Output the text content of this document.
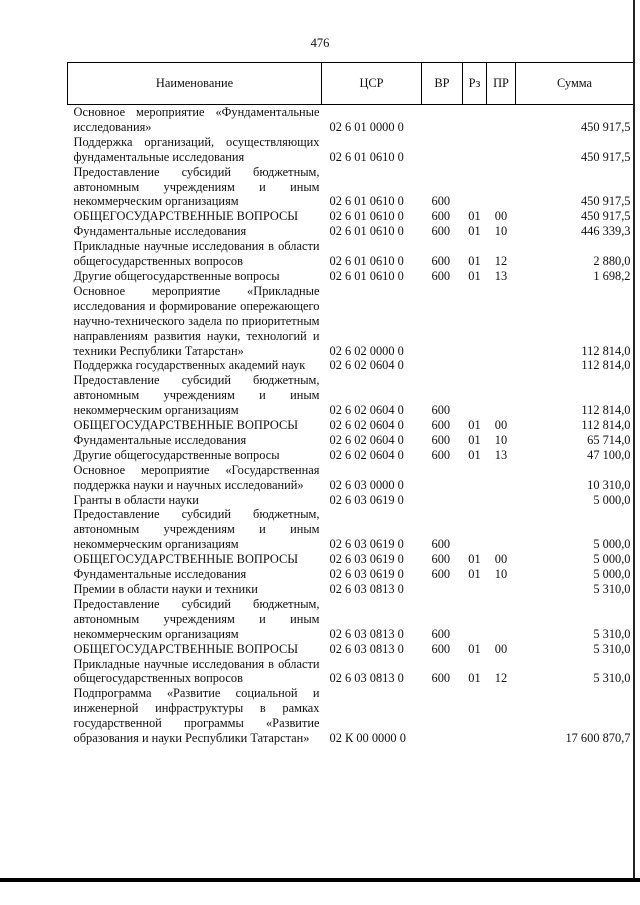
476
Наименование	ЦСР	ВР	Рз	ПР	Сумма
Основное мероприятие «Фундаментальные исследования»	02 6 01 0000 0				450 917,5
Поддержка организаций, осуществляющих фундаментальные исследования	02 6 01 0610 0				450 917,5
Предоставление субсидий бюджетным, автономным учреждениям и иным некоммерческим организациям	02 6 01 0610 0	600			450 917,5
ОБЩЕГОСУДАРСТВЕННЫЕ ВОПРОСЫ	02 6 01 0610 0	600	01	00	450 917,5
Фундаментальные исследования	02 6 01 0610 0	600	01	10	446 339,3
Прикладные научные исследования в области общегосударственных вопросов	02 6 01 0610 0	600	01	12	2 880,0
Другие общегосударственные вопросы	02 6 01 0610 0	600	01	13	1 698,2
Основное мероприятие «Прикладные исследования и формирование опережающего научно-технического задела по приоритетным направлениям развития науки, технологий и техники Республики Татарстан»	02 6 02 0000 0				112 814,0
Поддержка государственных академий наук	02 6 02 0604 0				112 814,0
Предоставление субсидий бюджетным, автономным учреждениям и иным некоммерческим организациям	02 6 02 0604 0	600			112 814,0
ОБЩЕГОСУДАРСТВЕННЫЕ ВОПРОСЫ	02 6 02 0604 0	600	01	00	112 814,0
Фундаментальные исследования	02 6 02 0604 0	600	01	10	65 714,0
Другие общегосударственные вопросы	02 6 02 0604 0	600	01	13	47 100,0
Основное мероприятие «Государственная поддержка науки и научных исследований»	02 6 03 0000 0				10 310,0
Гранты в области науки	02 6 03 0619 0				5 000,0
Предоставление субсидий бюджетным, автономным учреждениям и иным некоммерческим организациям	02 6 03 0619 0	600			5 000,0
ОБЩЕГОСУДАРСТВЕННЫЕ ВОПРОСЫ	02 6 03 0619 0	600	01	00	5 000,0
Фундаментальные исследования	02 6 03 0619 0	600	01	10	5 000,0
Премии в области науки и техники	02 6 03 0813 0				5 310,0
Предоставление субсидий бюджетным, автономным учреждениям и иным некоммерческим организациям	02 6 03 0813 0	600			5 310,0
ОБЩЕГОСУДАРСТВЕННЫЕ ВОПРОСЫ	02 6 03 0813 0	600	01	00	5 310,0
Прикладные научные исследования в области общегосударственных вопросов	02 6 03 0813 0	600	01	12	5 310,0
Подпрограмма «Развитие социальной и инженерной инфраструктуры в рамках государственной программы «Развитие образования и науки Республики Татарстан»	02 К 00 0000 0				17 600 870,7
